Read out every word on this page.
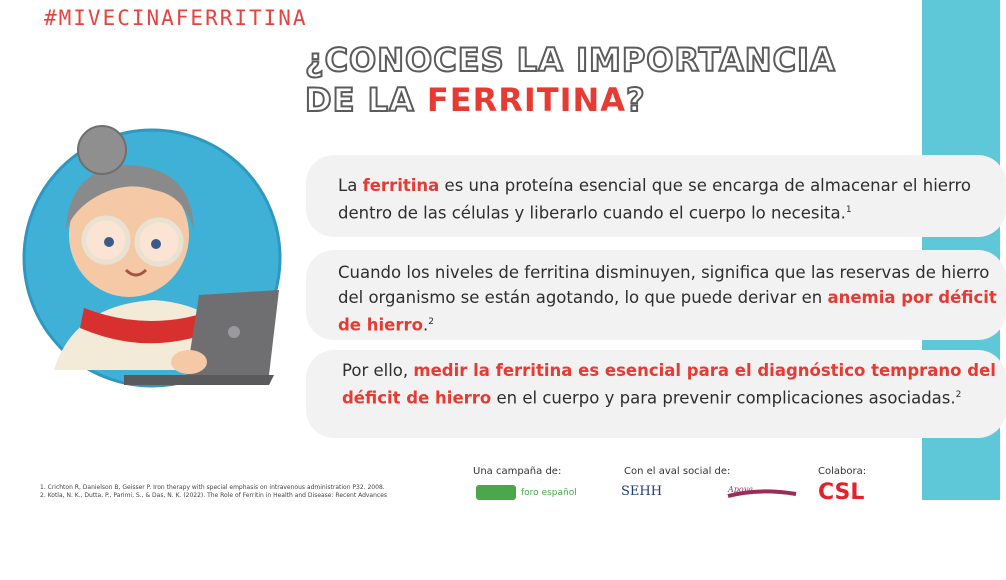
#MIVECINAFERRITINA
¿CONOCES LA IMPORTANCIA
DE LA FERRITINA?

La ferritina es una proteína esencial que se encarga de almacenar el hierro dentro de las células y liberarlo cuando el cuerpo lo necesita.$^1$

Cuando los niveles de ferritina disminuyen, significa que las reservas de hierro del organismo se están agotando, lo que puede derivar en anemia por déficit de hierro.$^2$

Por ello, medir la ferritina es esencial para el diagnóstico temprano del déficit de hierro en el cuerpo y para prevenir complicaciones asociadas.$^2$

1. Crichton R, Danielson B, Geisser P. Iron therapy with special emphasis on intravenous administration P32. 2008.
2. Kotla, N. K., Dutta, P., Parimi, S., & Das, N. K. (2022). The Role of Ferritin in Health and Disease: Recent Advances
Una campaña de:
foro español
Con el aval social de:
SEHH	Apoya
Colabora:
CSL
